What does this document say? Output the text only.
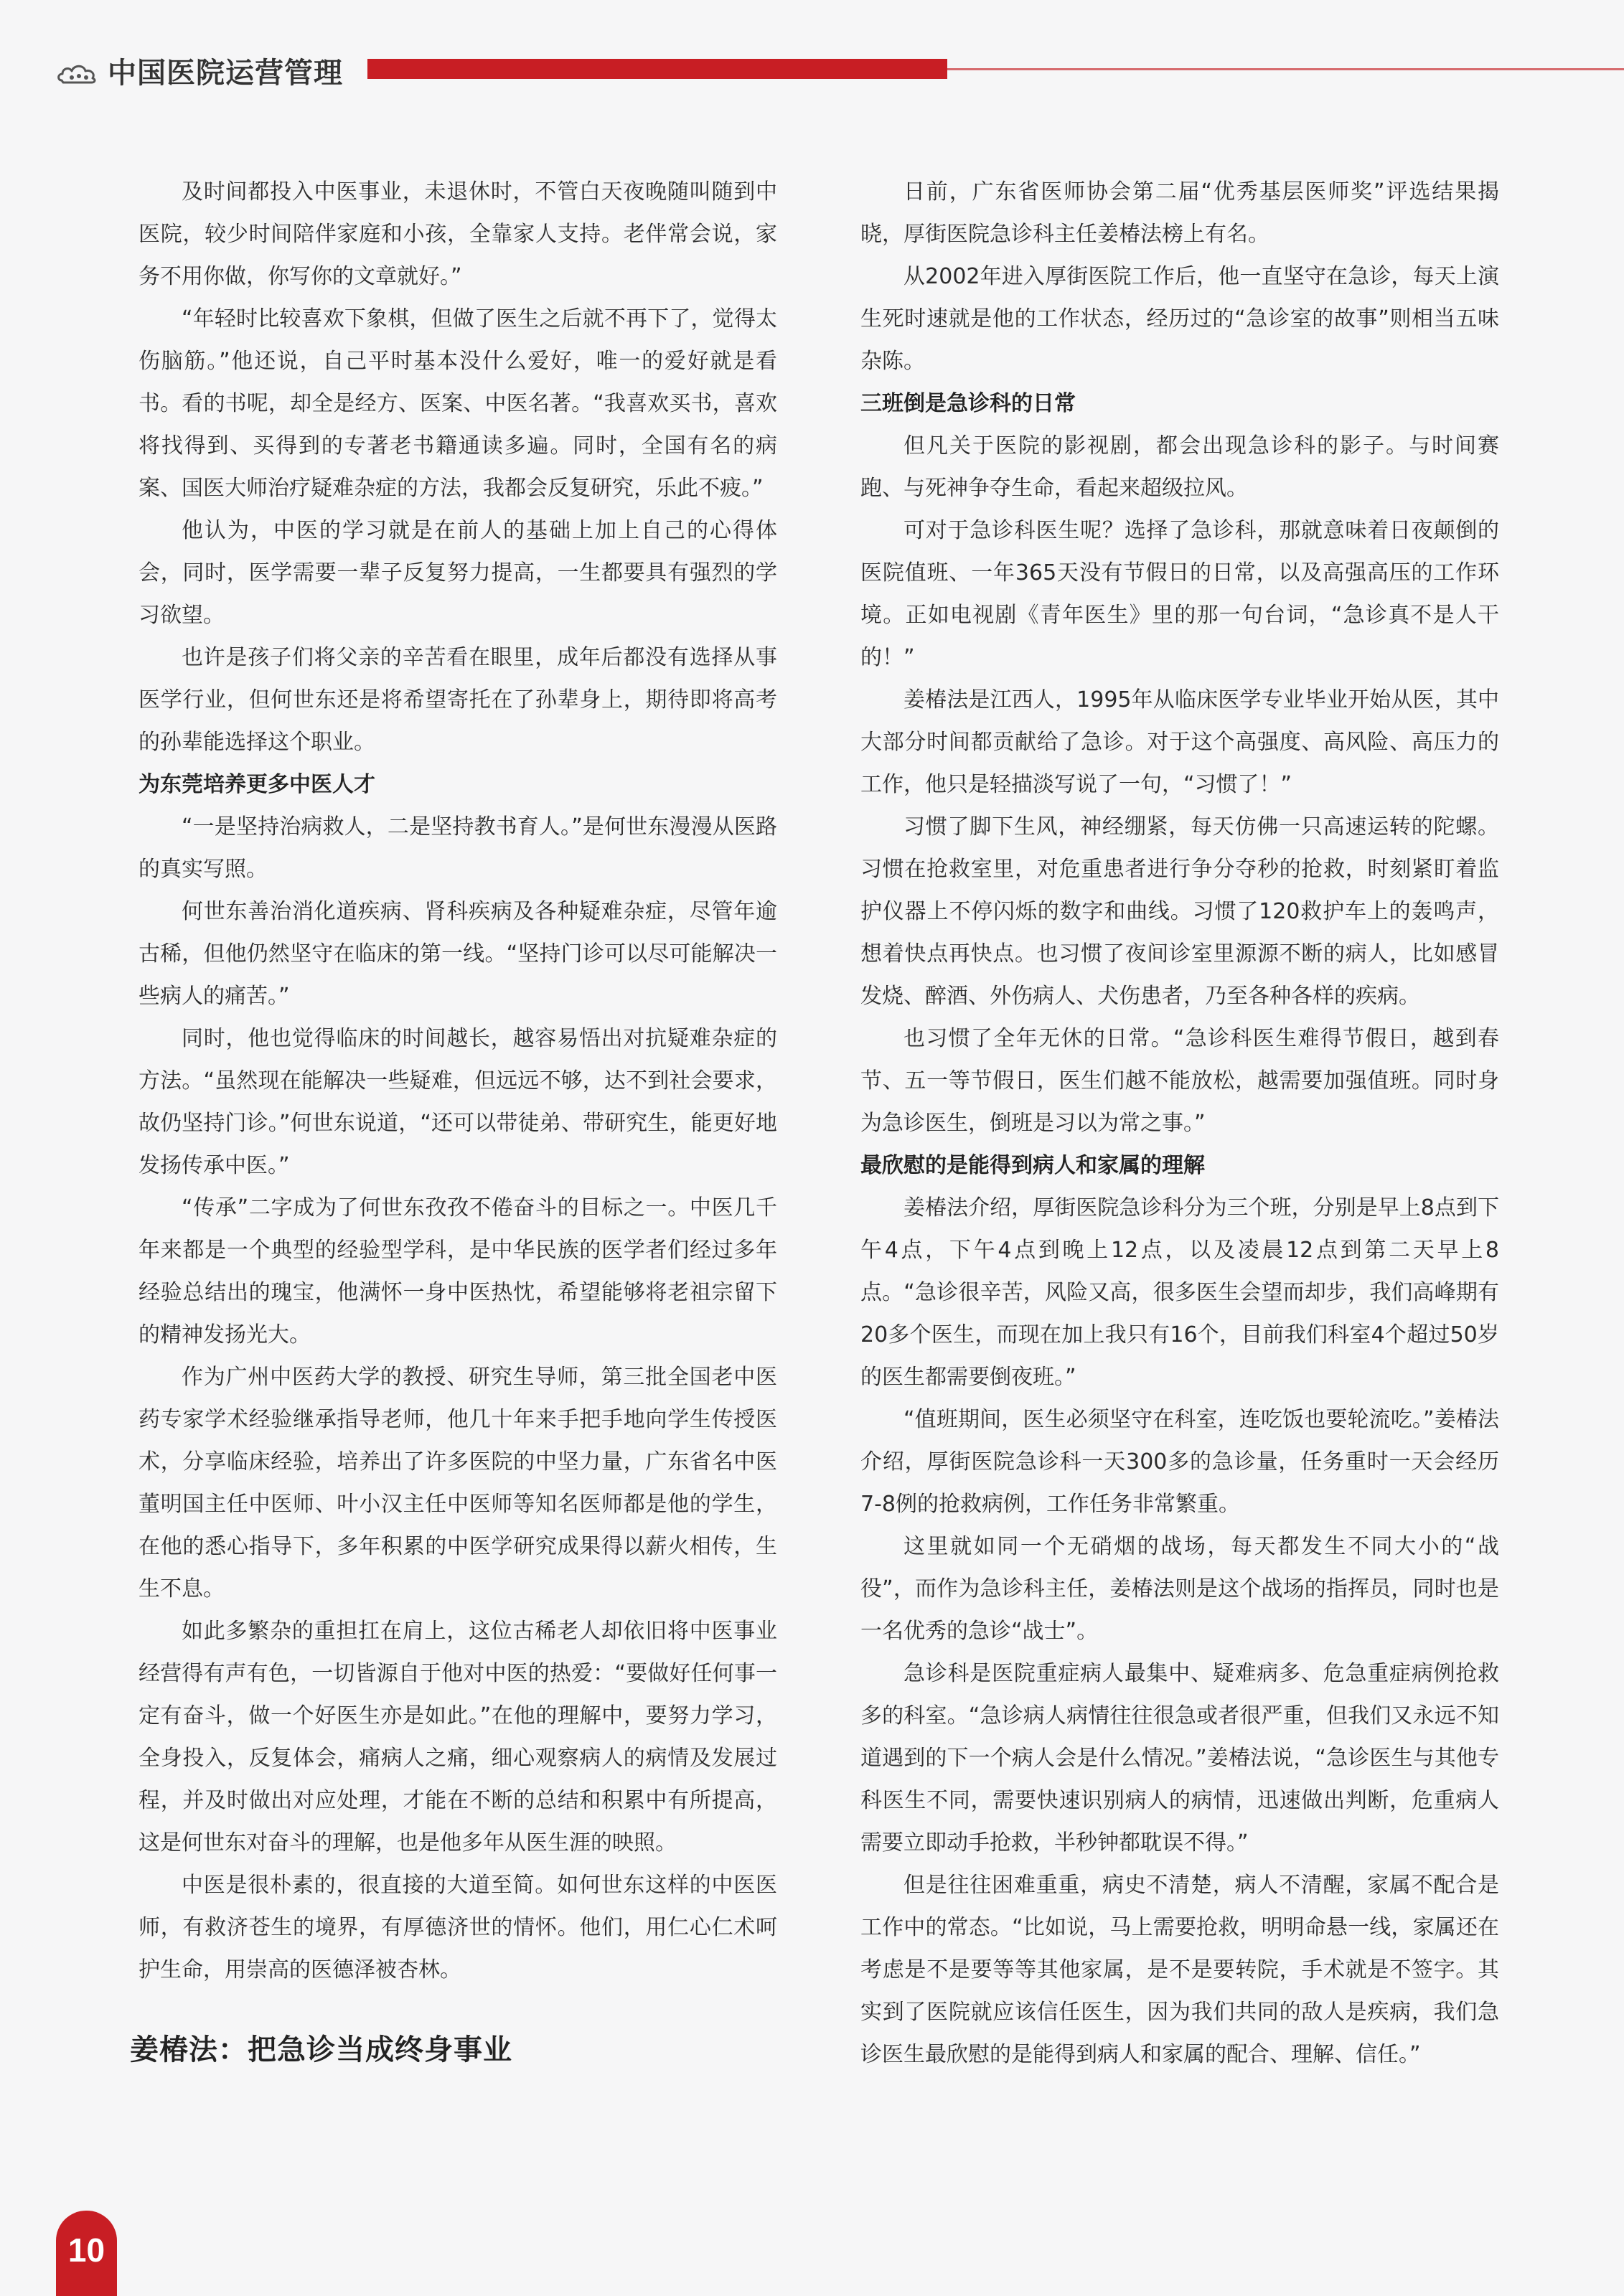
中国医院运营管理

及时间都投入中医事业，未退休时，不管白天夜晚随叫随到中医院，较少时间陪伴家庭和小孩，全靠家人支持。老伴常会说，家务不用你做，你写你的文章就好。”

“年轻时比较喜欢下象棋，但做了医生之后就不再下了，觉得太伤脑筋。”他还说，自己平时基本没什么爱好，唯一的爱好就是看书。看的书呢，却全是经方、医案、中医名著。“我喜欢买书，喜欢将找得到、买得到的专著老书籍通读多遍。同时，全国有名的病案、国医大师治疗疑难杂症的方法，我都会反复研究，乐此不疲。”

他认为，中医的学习就是在前人的基础上加上自己的心得体会，同时，医学需要一辈子反复努力提高，一生都要具有强烈的学习欲望。

也许是孩子们将父亲的辛苦看在眼里，成年后都没有选择从事医学行业，但何世东还是将希望寄托在了孙辈身上，期待即将高考的孙辈能选择这个职业。

为东莞培养更多中医人才

“一是坚持治病救人，二是坚持教书育人。”是何世东漫漫从医路的真实写照。

何世东善治消化道疾病、肾科疾病及各种疑难杂症，尽管年逾古稀，但他仍然坚守在临床的第一线。“坚持门诊可以尽可能解决一些病人的痛苦。”

同时，他也觉得临床的时间越长，越容易悟出对抗疑难杂症的方法。“虽然现在能解决一些疑难，但远远不够，达不到社会要求，故仍坚持门诊。”何世东说道，“还可以带徒弟、带研究生，能更好地发扬传承中医。”

“传承”二字成为了何世东孜孜不倦奋斗的目标之一。中医几千年来都是一个典型的经验型学科，是中华民族的医学者们经过多年经验总结出的瑰宝，他满怀一身中医热忱，希望能够将老祖宗留下的精神发扬光大。

作为广州中医药大学的教授、研究生导师，第三批全国老中医药专家学术经验继承指导老师，他几十年来手把手地向学生传授医术，分享临床经验，培养出了许多医院的中坚力量，广东省名中医董明国主任中医师、叶小汉主任中医师等知名医师都是他的学生，在他的悉心指导下，多年积累的中医学研究成果得以薪火相传，生生不息。

如此多繁杂的重担扛在肩上，这位古稀老人却依旧将中医事业经营得有声有色，一切皆源自于他对中医的热爱：“要做好任何事一定有奋斗，做一个好医生亦是如此。”在他的理解中，要努力学习，全身投入，反复体会，痛病人之痛，细心观察病人的病情及发展过程，并及时做出对应处理，才能在不断的总结和积累中有所提高，这是何世东对奋斗的理解，也是他多年从医生涯的映照。

中医是很朴素的，很直接的大道至简。如何世东这样的中医医师，有救济苍生的境界，有厚德济世的情怀。他们，用仁心仁术呵护生命，用崇高的医德泽被杏林。

姜椿法：把急诊当成终身事业

日前，广东省医师协会第二届“优秀基层医师奖”评选结果揭晓，厚街医院急诊科主任姜椿法榜上有名。

从2002年进入厚街医院工作后，他一直坚守在急诊，每天上演生死时速就是他的工作状态，经历过的“急诊室的故事”则相当五味杂陈。

三班倒是急诊科的日常

但凡关于医院的影视剧，都会出现急诊科的影子。与时间赛跑、与死神争夺生命，看起来超级拉风。

可对于急诊科医生呢？选择了急诊科，那就意味着日夜颠倒的医院值班、一年365天没有节假日的日常，以及高强高压的工作环境。正如电视剧《青年医生》里的那一句台词，“急诊真不是人干的！”

姜椿法是江西人，1995年从临床医学专业毕业开始从医，其中大部分时间都贡献给了急诊。对于这个高强度、高风险、高压力的工作，他只是轻描淡写说了一句，“习惯了！”

习惯了脚下生风，神经绷紧，每天仿佛一只高速运转的陀螺。习惯在抢救室里，对危重患者进行争分夺秒的抢救，时刻紧盯着监护仪器上不停闪烁的数字和曲线。习惯了120救护车上的轰鸣声，想着快点再快点。也习惯了夜间诊室里源源不断的病人，比如感冒发烧、醉酒、外伤病人、犬伤患者，乃至各种各样的疾病。

也习惯了全年无休的日常。“急诊科医生难得节假日，越到春节、五一等节假日，医生们越不能放松，越需要加强值班。同时身为急诊医生，倒班是习以为常之事。”

最欣慰的是能得到病人和家属的理解

姜椿法介绍，厚街医院急诊科分为三个班，分别是早上8点到下午4点，下午4点到晚上12点，以及凌晨12点到第二天早上8点。“急诊很辛苦，风险又高，很多医生会望而却步，我们高峰期有20多个医生，而现在加上我只有16个，目前我们科室4个超过50岁的医生都需要倒夜班。”

“值班期间，医生必须坚守在科室，连吃饭也要轮流吃。”姜椿法介绍，厚街医院急诊科一天300多的急诊量，任务重时一天会经历7-8例的抢救病例，工作任务非常繁重。

这里就如同一个无硝烟的战场，每天都发生不同大小的“战役”，而作为急诊科主任，姜椿法则是这个战场的指挥员，同时也是一名优秀的急诊“战士”。

急诊科是医院重症病人最集中、疑难病多、危急重症病例抢救多的科室。“急诊病人病情往往很急或者很严重，但我们又永远不知道遇到的下一个病人会是什么情况。”姜椿法说，“急诊医生与其他专科医生不同，需要快速识别病人的病情，迅速做出判断，危重病人需要立即动手抢救，半秒钟都耽误不得。”

但是往往困难重重，病史不清楚，病人不清醒，家属不配合是工作中的常态。“比如说，马上需要抢救，明明命悬一线，家属还在考虑是不是要等等其他家属，是不是要转院，手术就是不签字。其实到了医院就应该信任医生，因为我们共同的敌人是疾病，我们急诊医生最欣慰的是能得到病人和家属的配合、理解、信任。”

10
